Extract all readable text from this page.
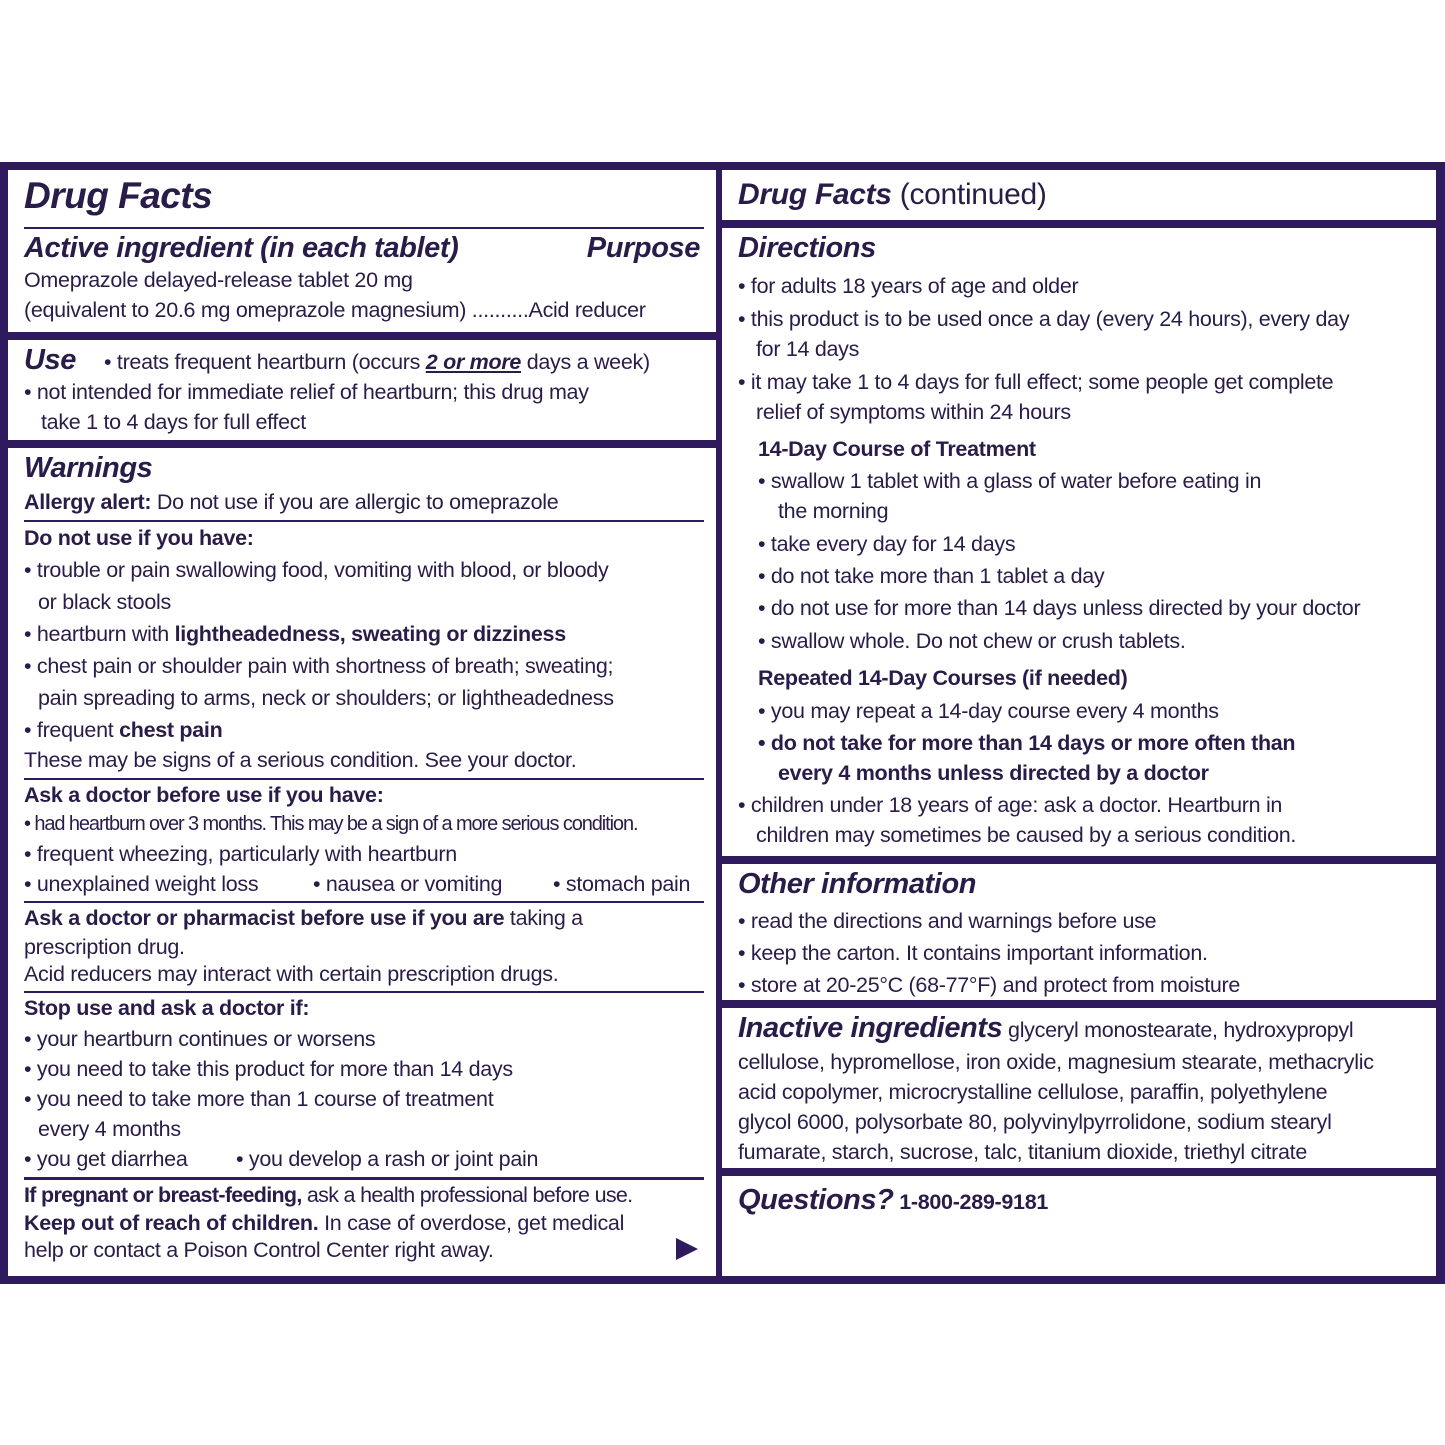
Drug Facts
Active ingredient (in each tablet)	Purpose
Omeprazole delayed-release tablet 20 mg
(equivalent to 20.6 mg omeprazole magnesium) ..........Acid reducer
Use • treats frequent heartburn (occurs 2 or more days a week)
• not intended for immediate relief of heartburn; this drug may
take 1 to 4 days for full effect
Warnings
Allergy alert: Do not use if you are allergic to omeprazole
Do not use if you have:
• trouble or pain swallowing food, vomiting with blood, or bloody
or black stools
• heartburn with lightheadedness, sweating or dizziness
• chest pain or shoulder pain with shortness of breath; sweating;
pain spreading to arms, neck or shoulders; or lightheadedness
• frequent chest pain
These may be signs of a serious condition. See your doctor.
Ask a doctor before use if you have:
• had heartburn over 3 months. This may be a sign of a more serious condition.
• frequent wheezing, particularly with heartburn
• unexplained weight loss	• nausea or vomiting • stomach pain
Ask a doctor or pharmacist before use if you are taking a
prescription drug.
Acid reducers may interact with certain prescription drugs.
Stop use and ask a doctor if:
• your heartburn continues or worsens
• you need to take this product for more than 14 days
• you need to take more than 1 course of treatment
every 4 months
• you get diarrhea • you develop a rash or joint pain
If pregnant or breast-feeding, ask a health professional before use.
Keep out of reach of children. In case of overdose, get medical
help or contact a Poison Control Center right away.
Drug Facts (continued)
Directions
• for adults 18 years of age and older
• this product is to be used once a day (every 24 hours), every day
for 14 days
• it may take 1 to 4 days for full effect; some people get complete
relief of symptoms within 24 hours
14-Day Course of Treatment
• swallow 1 tablet with a glass of water before eating in
the morning
• take every day for 14 days
• do not take more than 1 tablet a day
• do not use for more than 14 days unless directed by your doctor
• swallow whole. Do not chew or crush tablets.
Repeated 14-Day Courses (if needed)
• you may repeat a 14-day course every 4 months
• do not take for more than 14 days or more often than
every 4 months unless directed by a doctor
• children under 18 years of age: ask a doctor. Heartburn in
children may sometimes be caused by a serious condition.
Other information
• read the directions and warnings before use
• keep the carton. It contains important information.
• store at 20-25°C (68-77°F) and protect from moisture
Inactive ingredients glyceryl monostearate, hydroxypropyl
cellulose, hypromellose, iron oxide, magnesium stearate, methacrylic
acid copolymer, microcrystalline cellulose, paraffin, polyethylene
glycol 6000, polysorbate 80, polyvinylpyrrolidone, sodium stearyl
fumarate, starch, sucrose, talc, titanium dioxide, triethyl citrate
Questions? 1-800-289-9181
